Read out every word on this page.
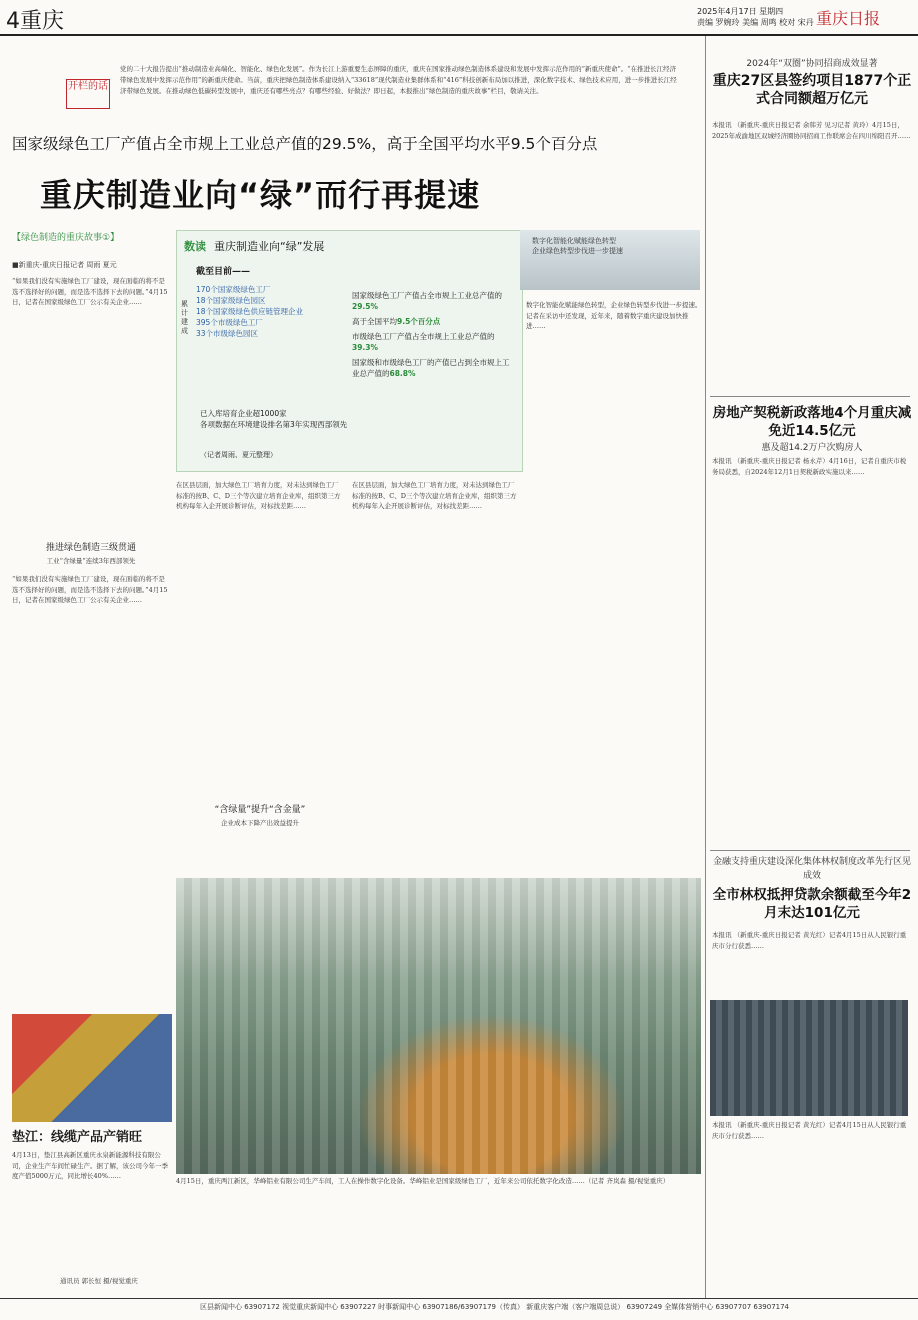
4重庆	2025年4月17日 星期四
责编 罗婉玲 美编 周鸣 校对 宋丹 重庆日报
开栏的话
党的二十大报告提出“推动制造业高端化、智能化、绿色化发展”。作为长江上游重要生态屏障的重庆，重庆在国家推动绿色制造体系建设和发展中发挥示范作用的“新重庆使命”。“在推进长江经济带绿色发展中发挥示范作用”的新重庆使命。当前，重庆把绿色制造体系建设纳入“33618”现代制造业集群体系和“416”科技创新布局加以推进，深化数字技术、绿色技术应用，进一步推进长江经济带绿色发展。在推动绿色低碳转型发展中，重庆还有哪些亮点？有哪些经验、好做法？即日起，本报推出“绿色制造的重庆故事”栏目，敬请关注。
国家级绿色工厂产值占全市规上工业总产值的29.5%，高于全国平均水平9.5个百分点
重庆制造业向“绿”而行再提速
【绿色制造的重庆故事①】
■新重庆-重庆日报记者 周雨 夏元
“如果我们没有实施绿色工厂建设，现在面临的将不是选不选择好的问题，而是选不选择下去的问题。”4月15日，记者在国家级绿色工厂公示有关企业……
推进绿色制造三级贯通
工业“含绿量”连续3年西部领先
“如果我们没有实施绿色工厂建设，现在面临的将不是选不选择好的问题，而是选不选择下去的问题。”4月15日，记者在国家级绿色工厂公示有关企业……
数读 重庆制造业向“绿”发展
截至目前——
累计建成
170个国家级绿色工厂
18个国家级绿色园区
18个国家级绿色供应链管理企业
395个市级绿色工厂
33个市级绿色园区
国家级绿色工厂产值占全市规上工业总产值的29.5%
高于全国平均9.5个百分点
市级绿色工厂产值占全市规上工业总产值的39.3%
国家级和市级绿色工厂的产值已占到全市规上工业总产值的68.8%
已入库培育企业超1000家
各项数据在环境建设排名第3年实现西部领先
（记者周雨、夏元整理）
数字化智能化赋能绿色转型
企业绿色转型步伐进一步提速
在区县层面，加大绿色工厂培育力度，对未达到绿色工厂标准的按B、C、D三个等次建立培育企业库，组织第三方机构每年入企开展诊断评估，对标找差距……
“含绿量”提升“含金量”
企业成本下降产出效益提升
在区县层面，加大绿色工厂培育力度，对未达到绿色工厂标准的按B、C、D三个等次建立培育企业库，组织第三方机构每年入企开展诊断评估，对标找差距……
数字化智能化赋能绿色转型，企业绿色转型步伐进一步提速。记者在采访中还发现，近年来，随着数字重庆建设加快推进……
4月15日，重庆两江新区，华峰铝业有限公司生产车间，工人在操作数字化设备。华峰铝业是国家级绿色工厂，近年来公司依托数字化改造……（记者 齐岚森 摄/视觉重庆）
垫江：线缆产品产销旺
4月13日，垫江县高新区重庆永泉新能源科技有限公司，企业生产车间忙碌生产。据了解，该公司今年一季度产值5000万元，同比增长40%……
通讯员 郭长恒 摄/视觉重庆
2024年“双圈”协同招商成效显著
重庆27区县签约项目1877个正式合同额超万亿元
本报讯 （新重庆-重庆日报记者 余韩芳 见习记者 黄玲）4月15日，2025年成渝地区双城经济圈协同招商工作联席会在四川绵阳召开……
房地产契税新政落地4个月重庆减免近14.5亿元
惠及超14.2万户次购房人
本报讯 （新重庆-重庆日报记者 杨永芹）4月16日，记者自重庆市税务局获悉，自2024年12月1日契税新政实施以来……
金融支持重庆建设深化集体林权制度改革先行区见成效
全市林权抵押贷款余额截至今年2月末达101亿元
本报讯 （新重庆-重庆日报记者 黄光红）记者4月15日从人民银行重庆市分行获悉……
本报讯 （新重庆-重庆日报记者 黄光红）记者4月15日从人民银行重庆市分行获悉……
区县新闻中心 63907172 视觉重庆新闻中心 63907227 时事新闻中心 63907186/63907179（传真） 新重庆客户端（客户端周总说） 63907249 全媒体营销中心 63907707 63907174
